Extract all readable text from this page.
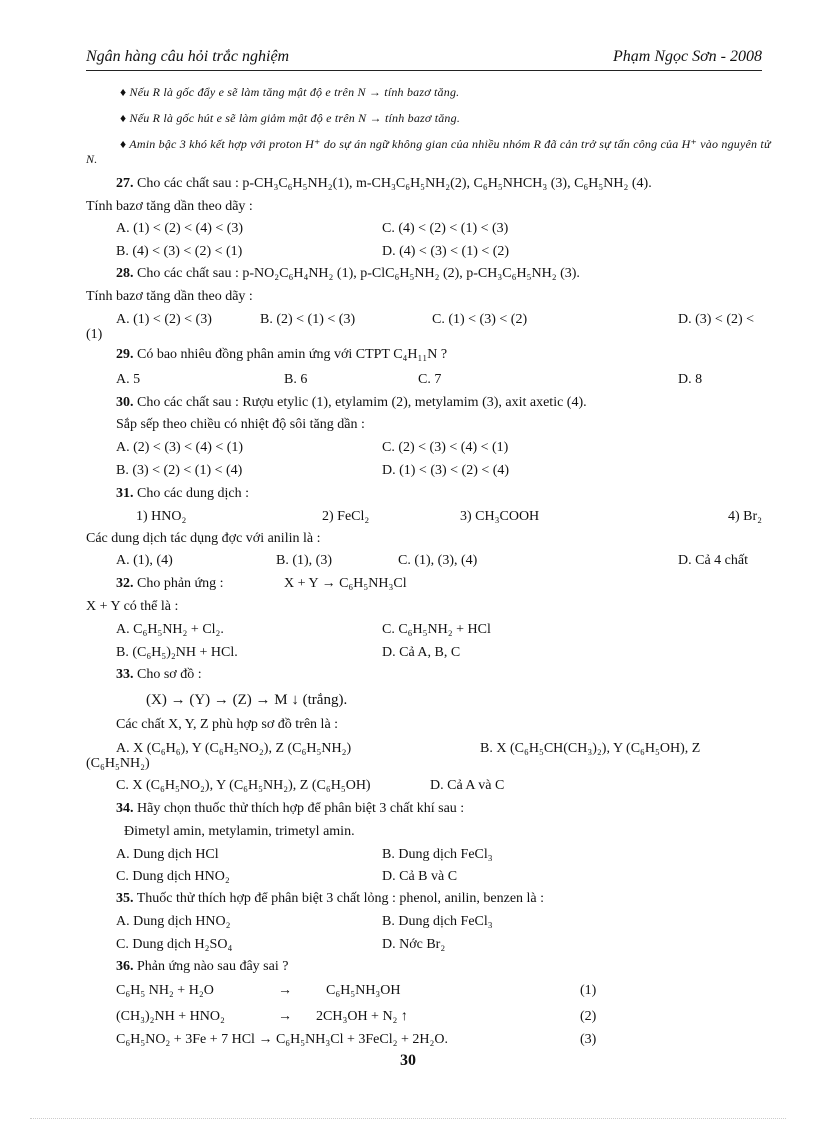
Ngân hàng câu hỏi trắc nghiệm	Phạm Ngọc Sơn - 2008
♦ Nếu R là gốc đẩy e sẽ làm tăng mật độ e trên N → tính bazơ tăng.
♦ Nếu R là gốc hút e sẽ làm giảm mật độ e trên N → tính bazơ tăng.
♦ Amin bậc 3 khó kết hợp với proton H⁺ do sự án ngữ không gian của nhiều nhóm R đã cản trở sự tấn công của H⁺ vào nguyên tử N.
27. Cho các chất sau : p-CH₃C₆H₅NH₂(1), m-CH₃C₆H₅NH₂(2), C₆H₅NHCH₃ (3), C₆H₅NH₂ (4).
Tính bazơ tăng dần theo dãy :
A. (1) < (2) < (4) < (3)	C. (4) < (2) < (1) < (3)
B. (4) < (3) < (2) < (1)	D. (4) < (3) < (1) < (2)
28. Cho các chất sau : p-NO₂C₆H₄NH₂ (1), p-ClC₆H₅NH₂ (2), p-CH₃C₆H₅NH₂ (3).
Tính bazơ tăng dần theo dãy :
A. (1) < (2) < (3)	B. (2) < (1) < (3)	C. (1) < (3) < (2)	D. (3) < (2) <
(1)
29. Có bao nhiêu đồng phân amin ứng với CTPT C₄H₁₁N ?
A. 5	B. 6	C. 7	D. 8
30. Cho các chất sau : Rượu etylic (1), etylamim (2), metylamim (3), axit axetic (4).
Sắp sếp theo chiều có nhiệt độ sôi tăng dần :
A. (2) < (3) < (4) < (1)	C. (2) < (3) < (4) < (1)
B. (3) < (2) < (1) < (4)	D. (1) < (3) < (2) < (4)
31. Cho các dung dịch :
1) HNO₂	2) FeCl₂	3) CH₃COOH	4) Br₂
Các dung dịch tác dụng đợc với anilin là :
A. (1), (4)	B. (1), (3)	C. (1), (3), (4)	D. Cả 4 chất
32. Cho phản ứng :	X + Y → C₆H₅NH₃Cl
X + Y có thể là :
A. C₆H₅NH₂ + Cl₂.	C. C₆H₅NH₂ + HCl
B. (C₆H₅)₂NH + HCl.	D. Cả A, B, C
33. Cho sơ đồ :
(X) → (Y) → (Z) → M ↓ (trắng).
Các chất X, Y, Z phù hợp sơ đồ trên là :
A. X (C₆H₆), Y (C₆H₅NO₂), Z (C₆H₅NH₂)	B. X (C₆H₅CH(CH₃)₂), Y (C₆H₅OH), Z
(C₆H₅NH₂)
C. X (C₆H₅NO₂), Y (C₆H₅NH₂), Z (C₆H₅OH)	D. Cả A và C
34. Hãy chọn thuốc thử thích hợp để phân biệt 3 chất khí sau :
Đimetyl amin, metylamin, trimetyl amin.
A. Dung dịch HCl	B. Dung dịch FeCl₃
C. Dung dịch HNO₂	D. Cả B và C
35. Thuốc thử thích hợp để phân biệt 3 chất lỏng : phenol, anilin, benzen là :
A. Dung dịch HNO₂	B. Dung dịch FeCl₃
C. Dung dịch H₂SO₄	D. Nớc Br₂
36. Phản ứng nào sau đây sai ?
C₆H₅ NH₂ + H₂O	→ C₆H₅NH₃OH	(1)
(CH₃)₂NH + HNO₂	→ 2CH₃OH + N₂ ↑	(2)
C₆H₅NO₂ + 3Fe + 7 HCl → C₆H₅NH₃Cl + 3FeCl₂ + 2H₂O.	(3)
30
